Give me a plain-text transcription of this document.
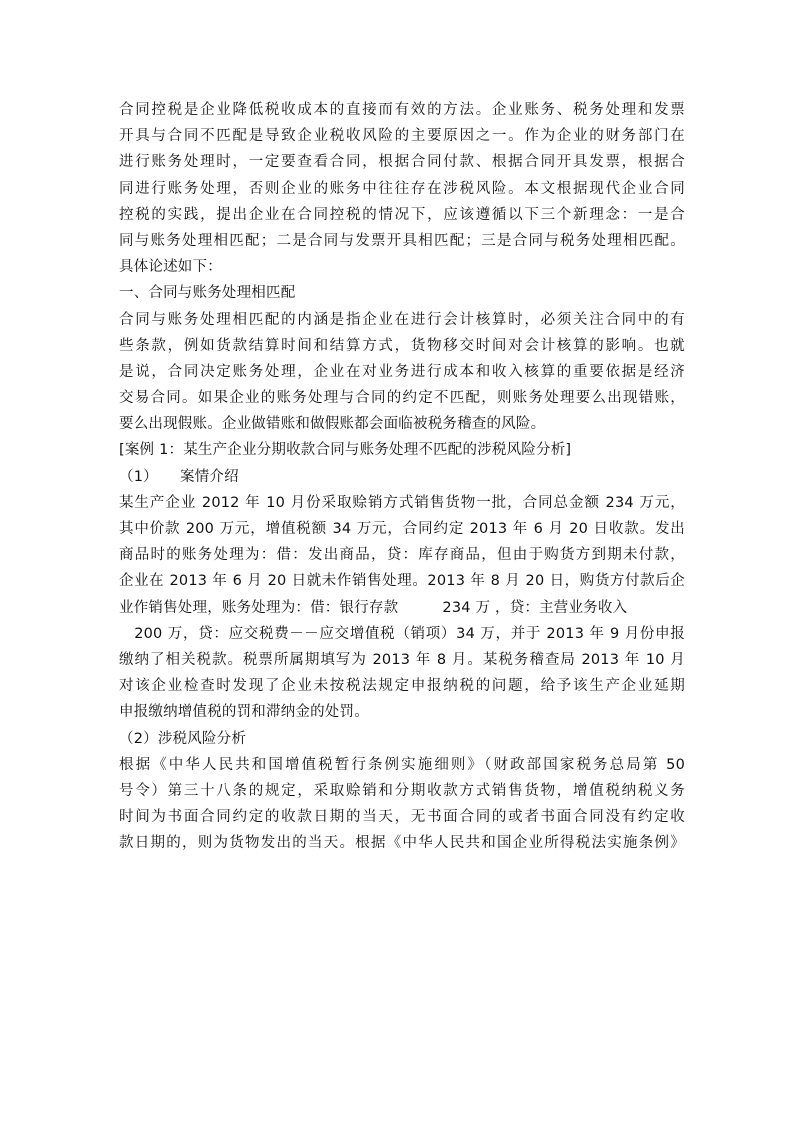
合同控税是企业降低税收成本的直接而有效的方法。企业账务、税务处理和发票
开具与合同不匹配是导致企业税收风险的主要原因之一。作为企业的财务部门在
进行账务处理时，一定要查看合同，根据合同付款、根据合同开具发票，根据合
同进行账务处理，否则企业的账务中往往存在涉税风险。本文根据现代企业合同
控税的实践，提出企业在合同控税的情况下，应该遵循以下三个新理念：一是合
同与账务处理相匹配；二是合同与发票开具相匹配；三是合同与税务处理相匹配。
具体论述如下：
一、合同与账务处理相匹配
合同与账务处理相匹配的内涵是指企业在进行会计核算时，必须关注合同中的有
些条款，例如货款结算时间和结算方式，货物移交时间对会计核算的影响。也就
是说，合同决定账务处理，企业在对业务进行成本和收入核算的重要依据是经济
交易合同。如果企业的账务处理与合同的约定不匹配，则账务处理要么出现错账，
要么出现假账。企业做错账和做假账都会面临被税务稽查的风险。
[案例 1：某生产企业分期收款合同与账务处理不匹配的涉税风险分析]
（1）　　案情介绍
某生产企业 2012 年 10 月份采取赊销方式销售货物一批，合同总金额 234 万元，
其中价款 200 万元，增值税额 34 万元，合同约定 2013 年 6 月 20 日收款。发出
商品时的账务处理为：借：发出商品，贷：库存商品，但由于购货方到期未付款，
企业在 2013 年 6 月 20 日就未作销售处理。2013 年 8 月 20 日，购货方付款后企
业作销售处理，账务处理为：借：银行存款　　　234 万 ，贷：主营业务收入
　200 万，贷：应交税费－－应交增值税（销项）34 万，并于 2013 年 9 月份申报
缴纳了相关税款。税票所属期填写为 2013 年 8 月。某税务稽查局 2013 年 10 月
对该企业检查时发现了企业未按税法规定申报纳税的问题，给予该生产企业延期
申报缴纳增值税的罚和滞纳金的处罚。
（2）涉税风险分析
根据《中华人民共和国增值税暂行条例实施细则》（财政部国家税务总局第 50
号令）第三十八条的规定，采取赊销和分期收款方式销售货物，增值税纳税义务
时间为书面合同约定的收款日期的当天，无书面合同的或者书面合同没有约定收
款日期的，则为货物发出的当天。根据《中华人民共和国企业所得税法实施条例》
